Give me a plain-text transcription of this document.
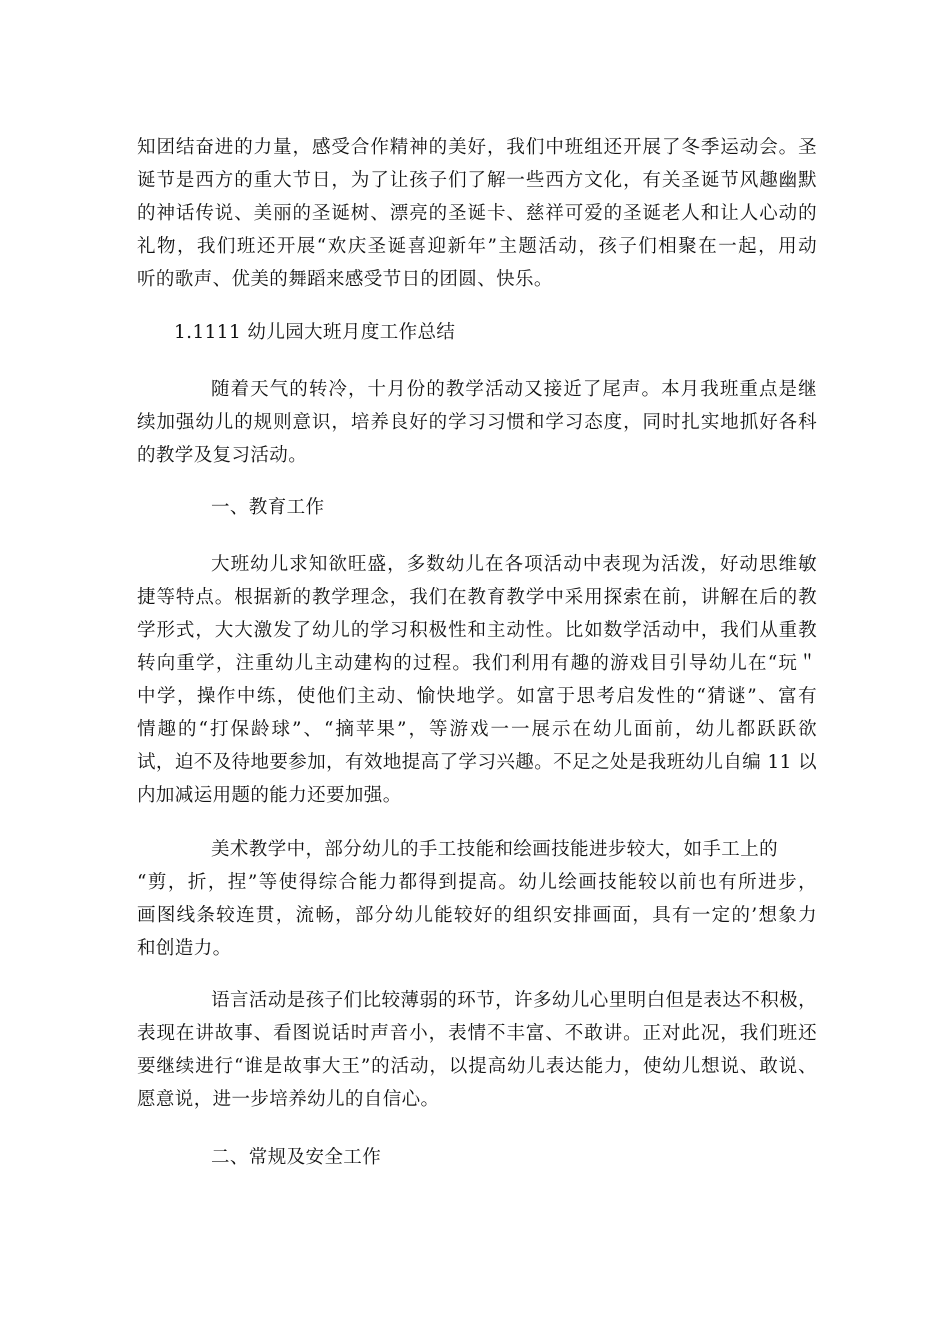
知团结奋进的力量，感受合作精神的美好，我们中班组还开展了冬季运动会。圣
诞节是西方的重大节日，为了让孩子们了解一些西方文化，有关圣诞节风趣幽默
的神话传说、美丽的圣诞树、漂亮的圣诞卡、慈祥可爱的圣诞老人和让人心动的
礼物，我们班还开展“欢庆圣诞喜迎新年”主题活动，孩子们相聚在一起，用动
听的歌声、优美的舞蹈来感受节日的团圆、快乐。
1.1111 幼儿园大班月度工作总结
随着天气的转冷，十月份的教学活动又接近了尾声。本月我班重点是继
续加强幼儿的规则意识，培养良好的学习习惯和学习态度，同时扎实地抓好各科
的教学及复习活动。
一、教育工作
大班幼儿求知欲旺盛，多数幼儿在各项活动中表现为活泼，好动思维敏
捷等特点。根据新的教学理念，我们在教育教学中采用探索在前，讲解在后的教
学形式，大大激发了幼儿的学习积极性和主动性。比如数学活动中，我们从重教
转向重学，注重幼儿主动建构的过程。我们利用有趣的游戏目引导幼儿在“玩＂
中学，操作中练，使他们主动、愉快地学。如富于思考启发性的“猜谜”、富有
情趣的“打保龄球”、“摘苹果”，等游戏一一展示在幼儿面前，幼儿都跃跃欲
试，迫不及待地要参加，有效地提高了学习兴趣。不足之处是我班幼儿自编 11 以
内加减运用题的能力还要加强。
美术教学中，部分幼儿的手工技能和绘画技能进步较大，如手工上的
“剪，折，捏”等使得综合能力都得到提高。幼儿绘画技能较以前也有所进步，
画图线条较连贯，流畅，部分幼儿能较好的组织安排画面，具有一定的’想象力
和创造力。
语言活动是孩子们比较薄弱的环节，许多幼儿心里明白但是表达不积极，
表现在讲故事、看图说话时声音小，表情不丰富、不敢讲。正对此况，我们班还
要继续进行“谁是故事大王”的活动，以提高幼儿表达能力，使幼儿想说、敢说、
愿意说，进一步培养幼儿的自信心。
二、常规及安全工作
